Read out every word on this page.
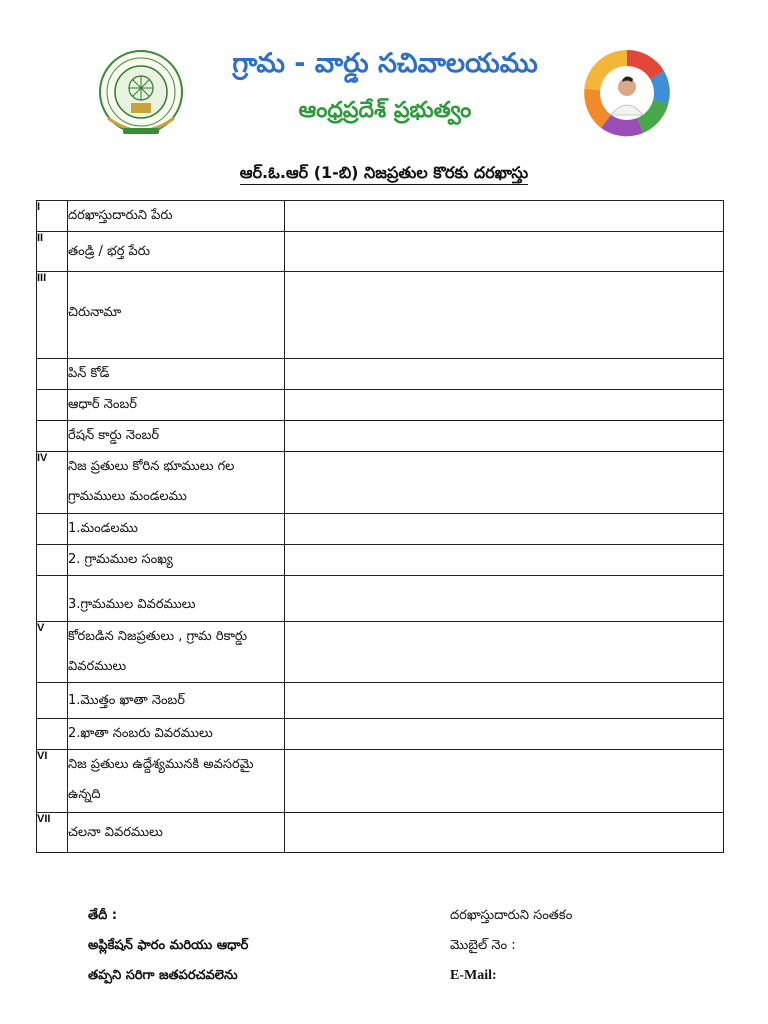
గ్రామ - వార్డు సచివాలయము
ఆంధ్రప్రదేశ్ ప్రభుత్వం
ఆర్.ఓ.ఆర్ (1-బి) నిజప్రతుల కొరకు దరఖాస్తు
I	దరఖాస్తుదారుని పేరు	
II	తండ్రి / భర్త పేరు	
III	చిరునామా	
	పిన్ కోడ్	
	ఆధార్ నెంబర్	
	రేషన్ కార్డు నెంబర్	
IV	నిజ ప్రతులు కోరిన భూములు గల గ్రామములు మండలము	
	1.మండలము	
	2. గ్రామముల సంఖ్య	
	3.గ్రామముల వివరములు	
V	కోరబడిన నిజప్రతులు , గ్రామ రికార్డు వివరములు	
	1.మొత్తం ఖాతా నెంబర్	
	2.ఖాతా నంబరు వివరములు	
VI	నిజ ప్రతులు ఉద్దేశ్యమునకి అవసరమై ఉన్నది	
VII	చలనా వివరములు	
తేదీ :
అప్లికేషన్ ఫారం మరియు ఆధార్
తప్పని సరిగా జతపరచవలెను
దరఖాస్తుదారుని సంతకం
మొబైల్ నెం :
E-Mail:
